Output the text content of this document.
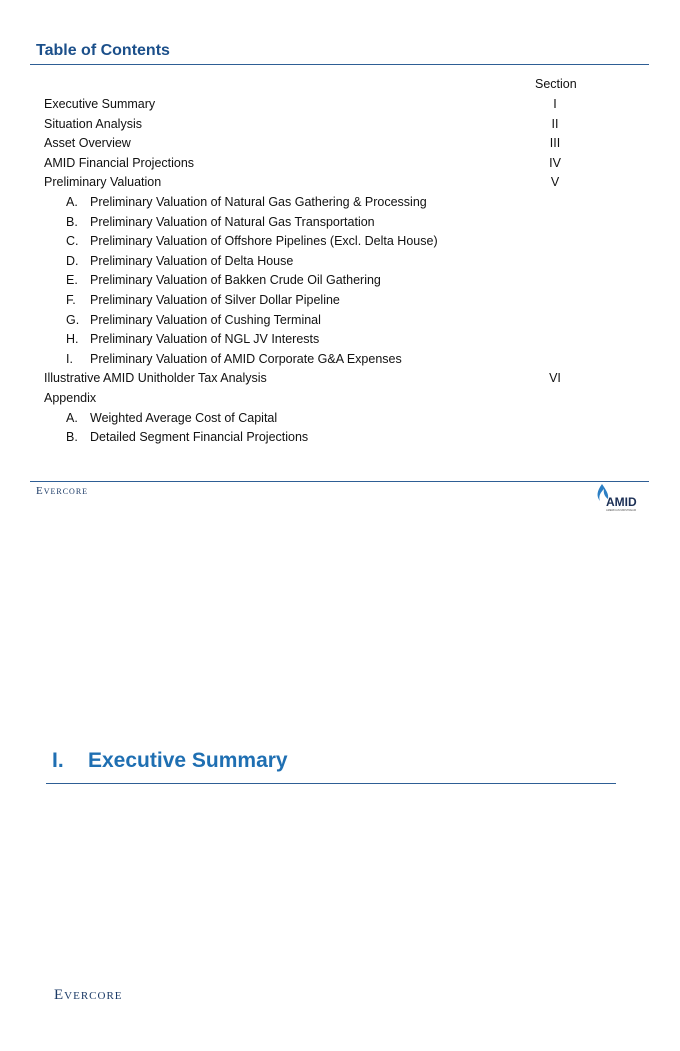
Table of Contents
Section
Executive Summary	I
Situation Analysis	II
Asset Overview	III
AMID Financial Projections	IV
Preliminary Valuation	V
A. Preliminary Valuation of Natural Gas Gathering & Processing
B. Preliminary Valuation of Natural Gas Transportation
C. Preliminary Valuation of Offshore Pipelines (Excl. Delta House)
D. Preliminary Valuation of Delta House
E. Preliminary Valuation of Bakken Crude Oil Gathering
F. Preliminary Valuation of Silver Dollar Pipeline
G. Preliminary Valuation of Cushing Terminal
H. Preliminary Valuation of NGL JV Interests
I. Preliminary Valuation of AMID Corporate G&A Expenses
Illustrative AMID Unitholder Tax Analysis	VI
Appendix
A. Weighted Average Cost of Capital
B. Detailed Segment Financial Projections
Evercore
AMID
AMERICAN MIDSTREAM
I. Executive Summary
Evercore
